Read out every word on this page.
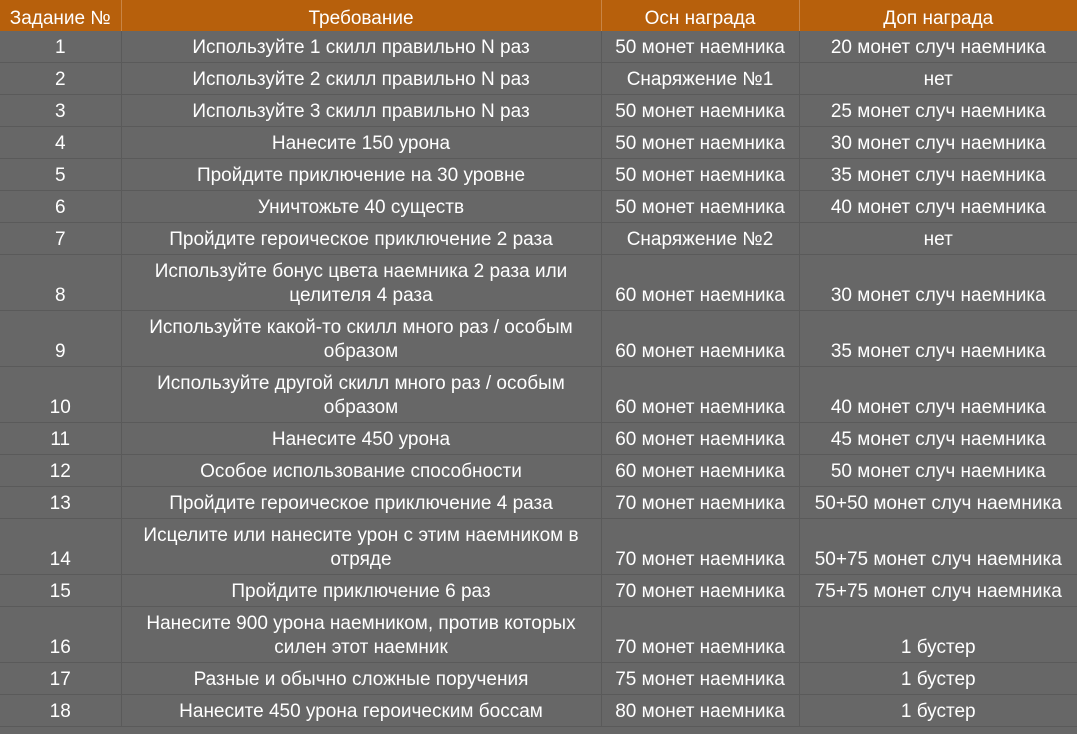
Задание №	Требование	Осн награда	Доп награда
1	Используйте 1 скилл правильно N раз	50 монет наемника	20 монет случ наемника
2	Используйте 2 скилл правильно N раз	Снаряжение №1	нет
3	Используйте 3 скилл правильно N раз	50 монет наемника	25 монет случ наемника
4	Нанесите 150 урона	50 монет наемника	30 монет случ наемника
5	Пройдите приключение на 30 уровне	50 монет наемника	35 монет случ наемника
6	Уничтожьте 40 существ	50 монет наемника	40 монет случ наемника
7	Пройдите героическое приключение 2 раза	Снаряжение №2	нет
8	Используйте бонус цвета наемника 2 раза или целителя 4 раза	60 монет наемника	30 монет случ наемника
9	Используйте какой-то скилл много раз / особым образом	60 монет наемника	35 монет случ наемника
10	Используйте другой скилл много раз / особым образом	60 монет наемника	40 монет случ наемника
11	Нанесите 450 урона	60 монет наемника	45 монет случ наемника
12	Особое использование способности	60 монет наемника	50 монет случ наемника
13	Пройдите героическое приключение 4 раза	70 монет наемника	50+50 монет случ наемника
14	Исцелите или нанесите урон с этим наемником в отряде	70 монет наемника	50+75 монет случ наемника
15	Пройдите приключение 6 раз	70 монет наемника	75+75 монет случ наемника
16	Нанесите 900 урона наемником, против которых силен этот наемник	70 монет наемника	1 бустер
17	Разные и обычно сложные поручения	75 монет наемника	1 бустер
18	Нанесите 450 урона героическим боссам	80 монет наемника	1 бустер
